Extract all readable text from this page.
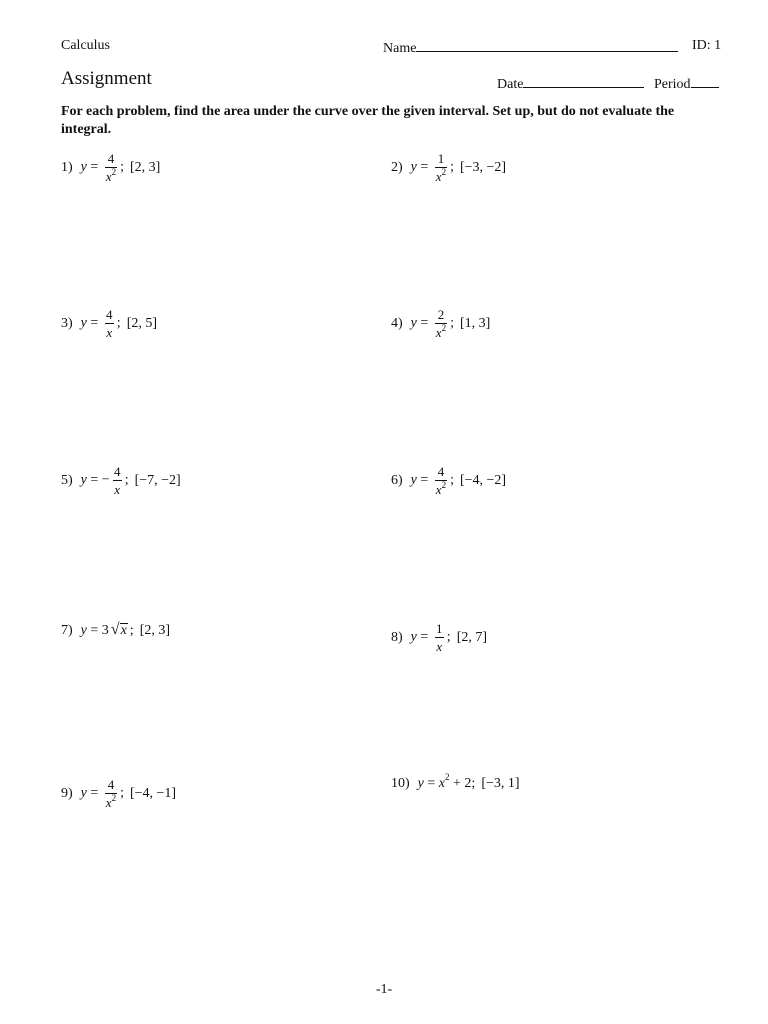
Calculus	Name	ID: 1
Assignment	Date	Period
For each problem, find the area under the curve over the given interval. Set up, but do not evaluate the integral.
1) $y = \frac{4}{x^2}$ ; [2, 3]	2) $y = \frac{1}{x^2}$ ; [−3, −2]
3) $y = \frac{4}{x}$ ; [2, 5]	4) $y = \frac{2}{x^2}$ ; [1, 3]
5) y = − $\frac{4}{x}$ ; [−7, −2]	6) $y = \frac{4}{x^2}$ ; [−4, −2]
7) y = 3 √ x ; [2, 3]	8) $y = \frac{1}{x}$ ; [2, 7]
9) $y = \frac{4}{x^2}$ ; [−4, −1]
10) $y = x^2 + 2$; [−3, 1]
-1-
